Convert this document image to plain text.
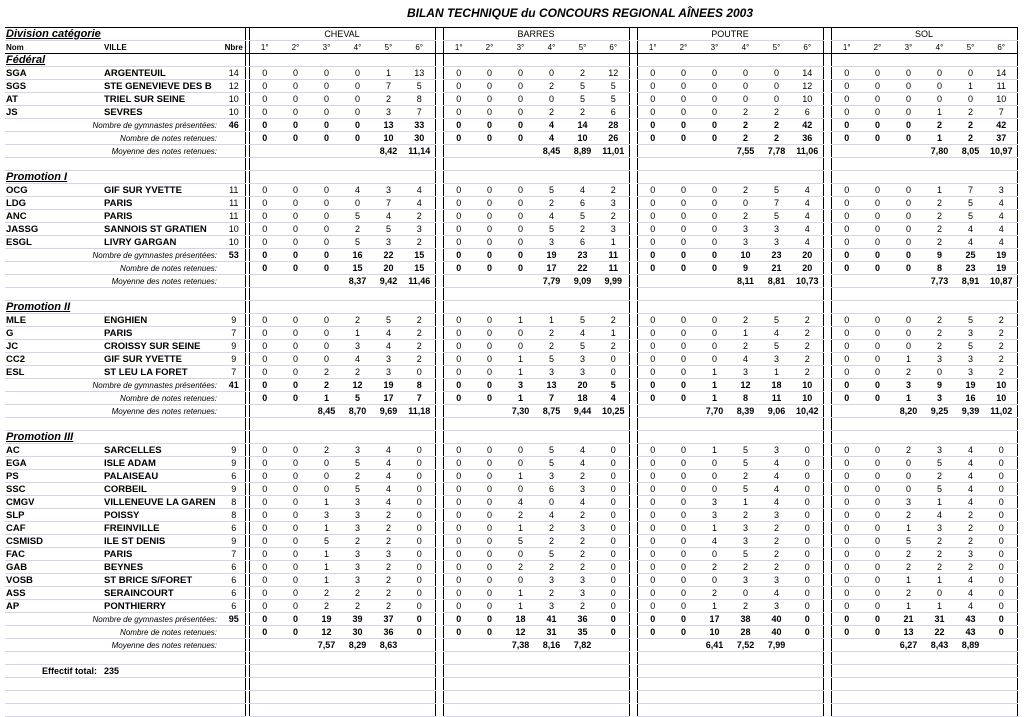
BILAN TECHNIQUE du CONCOURS REGIONAL AÎNEES 2003
Division catégorie				CHEVAL							BARRES							POUTRE							SOL					
Nom	VILLE	Nbre		1°	2°	3°	4°	5°	6°		1°	2°	3°	4°	5°	6°		1°	2°	3°	4°	5°	6°		1°	2°	3°	4°	5°	6°
Fédéral																														
SGA	ARGENTEUIL	14		0	0	0	0	1	13		0	0	0	0	2	12		0	0	0	0	0	14		0	0	0	0	0	14
SGS	STE GENEVIEVE DES B	12		0	0	0	0	7	5		0	0	0	2	5	5		0	0	0	0	0	12		0	0	0	0	1	11
AT	TRIEL SUR SEINE	10		0	0	0	0	2	8		0	0	0	0	5	5		0	0	0	0	0	10		0	0	0	0	0	10
JS	SEVRES	10		0	0	0	0	3	7		0	0	0	2	2	6		0	0	0	2	2	6		0	0	0	1	2	7
Nombre de gymnastes présentées:		46		0	0	0	0	13	33		0	0	0	4	14	28		0	0	0	2	2	42		0	0	0	2	2	42
Nombre de notes retenues:				0	0	0	0	10	30		0	0	0	4	10	26		0	0	0	2	2	36		0	0	0	1	2	37
Moyenne des notes retenues:								8,42	11,14					8,45	8,89	11,01					7,55	7,78	11,06					7,80	8,05	10,97

Promotion I																														
OCG	GIF SUR YVETTE	11		0	0	0	4	3	4		0	0	0	5	4	2		0	0	0	2	5	4		0	0	0	1	7	3
LDG	PARIS	11		0	0	0	0	7	4		0	0	0	2	6	3		0	0	0	0	7	4		0	0	0	2	5	4
ANC	PARIS	11		0	0	0	5	4	2		0	0	0	4	5	2		0	0	0	2	5	4		0	0	0	2	5	4
JASSG	SANNOIS ST GRATIEN	10		0	0	0	2	5	3		0	0	0	5	2	3		0	0	0	3	3	4		0	0	0	2	4	4
ESGL	LIVRY GARGAN	10		0	0	0	5	3	2		0	0	0	3	6	1		0	0	0	3	3	4		0	0	0	2	4	4
Nombre de gymnastes présentées:		53		0	0	0	16	22	15		0	0	0	19	23	11		0	0	0	10	23	20		0	0	0	9	25	19
Nombre de notes retenues:				0	0	0	15	20	15		0	0	0	17	22	11		0	0	0	9	21	20		0	0	0	8	23	19
Moyenne des notes retenues:							8,37	9,42	11,46					7,79	9,09	9,99					8,11	8,81	10,73					7,73	8,91	10,87

Promotion II																														
MLE	ENGHIEN	9		0	0	0	2	5	2		0	0	1	1	5	2		0	0	0	2	5	2		0	0	0	2	5	2
G	PARIS	7		0	0	0	1	4	2		0	0	0	2	4	1		0	0	0	1	4	2		0	0	0	2	3	2
JC	CROISSY SUR SEINE	9		0	0	0	3	4	2		0	0	0	2	5	2		0	0	0	2	5	2		0	0	0	2	5	2
CC2	GIF SUR YVETTE	9		0	0	0	4	3	2		0	0	1	5	3	0		0	0	0	4	3	2		0	0	1	3	3	2
ESL	ST LEU LA FORET	7		0	0	2	2	3	0		0	0	1	3	3	0		0	0	1	3	1	2		0	0	2	0	3	2
Nombre de gymnastes présentées:		41		0	0	2	12	19	8		0	0	3	13	20	5		0	0	1	12	18	10		0	0	3	9	19	10
Nombre de notes retenues:				0	0	1	5	17	7		0	0	1	7	18	4		0	0	1	8	11	10		0	0	1	3	16	10
Moyenne des notes retenues:						8,45	8,70	9,69	11,18				7,30	8,75	9,44	10,25				7,70	8,39	9,06	10,42				8,20	9,25	9,39	11,02

Promotion III																														
AC	SARCELLES	9		0	0	2	3	4	0		0	0	0	5	4	0		0	0	1	5	3	0		0	0	2	3	4	0
EGA	ISLE ADAM	9		0	0	0	5	4	0		0	0	0	5	4	0		0	0	0	5	4	0		0	0	0	5	4	0
PS	PALAISEAU	6		0	0	0	2	4	0		0	0	1	3	2	0		0	0	0	2	4	0		0	0	0	2	4	0
SSC	CORBEIL	9		0	0	0	5	4	0		0	0	0	6	3	0		0	0	0	5	4	0		0	0	0	5	4	0
CMGV	VILLENEUVE LA GAREN	8		0	0	1	3	4	0		0	0	4	0	4	0		0	0	3	1	4	0		0	0	3	1	4	0
SLP	POISSY	8		0	0	3	3	2	0		0	0	2	4	2	0		0	0	3	2	3	0		0	0	2	4	2	0
CAF	FREINVILLE	6		0	0	1	3	2	0		0	0	1	2	3	0		0	0	1	3	2	0		0	0	1	3	2	0
CSMISD	ILE ST DENIS	9		0	0	5	2	2	0		0	0	5	2	2	0		0	0	4	3	2	0		0	0	5	2	2	0
FAC	PARIS	7		0	0	1	3	3	0		0	0	0	5	2	0		0	0	0	5	2	0		0	0	2	2	3	0
GAB	BEYNES	6		0	0	1	3	2	0		0	0	2	2	2	0		0	0	2	2	2	0		0	0	2	2	2	0
VOSB	ST BRICE S/FORET	6		0	0	1	3	2	0		0	0	0	3	3	0		0	0	0	3	3	0		0	0	1	1	4	0
ASS	SERAINCOURT	6		0	0	2	2	2	0		0	0	1	2	3	0		0	0	2	0	4	0		0	0	2	0	4	0
AP	PONTHIERRY	6		0	0	2	2	2	0		0	0	1	3	2	0		0	0	1	2	3	0		0	0	1	1	4	0
Nombre de gymnastes présentées:		95		0	0	19	39	37	0		0	0	18	41	36	0		0	0	17	38	40	0		0	0	21	31	43	0
Nombre de notes retenues:				0	0	12	30	36	0		0	0	12	31	35	0		0	0	10	28	40	0		0	0	13	22	43	0
Moyenne des notes retenues:						7,57	8,29	8,63					7,38	8,16	7,82					6,41	7,52	7,99					6,27	8,43	8,89	

Effectif total:	235																													
